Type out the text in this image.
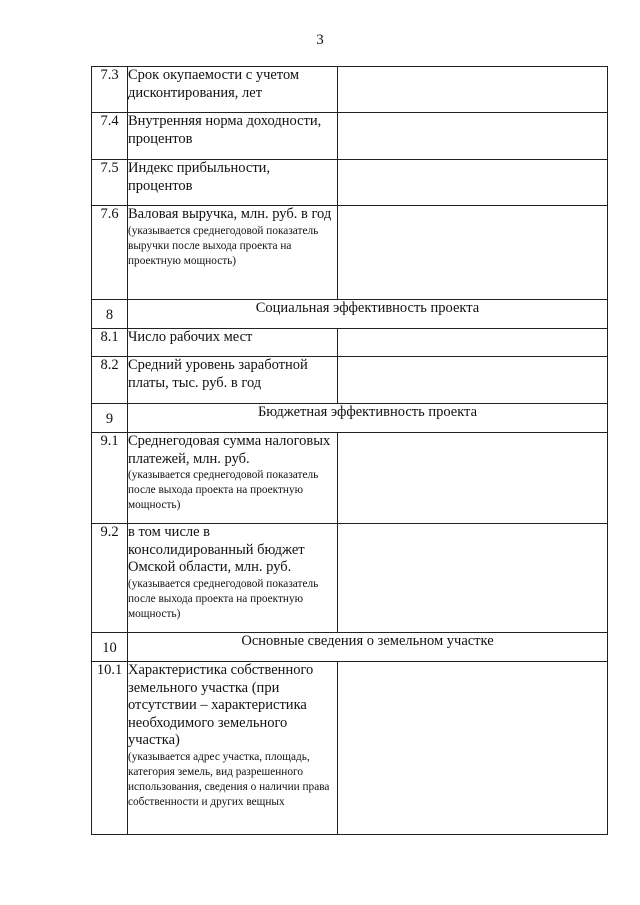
3
7.3	Срок окупаемости с учетом дисконтирования, лет	
7.4	Внутренняя норма доходности, процентов	
7.5	Индекс прибыльности, процентов	
7.6	Валовая выручка, млн. руб. в год
(указывается среднегодовой показатель выручки после выхода проекта на проектную мощность)	

8	Социальная эффективность проекта	
8.1	Число рабочих мест	
8.2	Средний уровень заработной платы, тыс. руб. в год	
9	Бюджетная эффективность проекта	
9.1	Среднегодовая сумма налоговых платежей, млн. руб.
(указывается среднегодовой показатель после выхода проекта на проектную мощность)	

9.2	в том числе в консолидированный бюджет Омской области, млн. руб.
(указывается среднегодовой показатель после выхода проекта на проектную мощность)	

10	Основные сведения о земельном участке	
10.1	Характеристика собственного земельного участка (при отсутствии – характеристика необходимого земельного участка)
(указывается адрес участка, площадь, категория земель, вид разрешенного использования, сведения о наличии права собственности и других вещных	
